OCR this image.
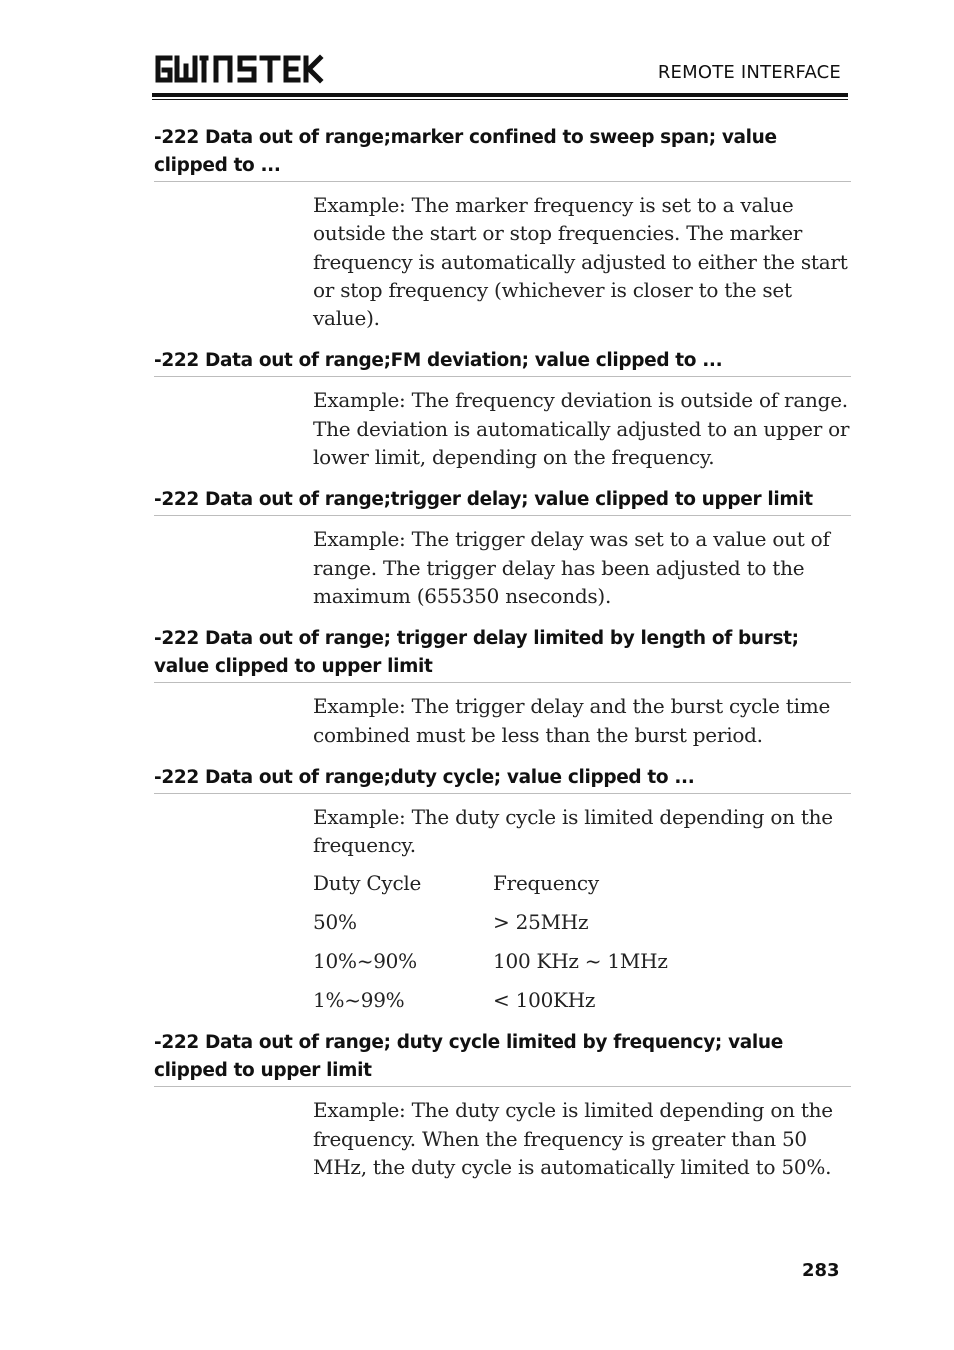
REMOTE INTERFACE
-222 Data out of range;marker confined to sweep span; value clipped to ...

Example: The marker frequency is set to a value outside the start or stop frequencies. The marker frequency is automatically adjusted to either the start or stop frequency (whichever is closer to the set value).

-222 Data out of range;FM deviation; value clipped to ...

Example: The frequency deviation is outside of range. The deviation is automatically adjusted to an upper or lower limit, depending on the frequency.

-222 Data out of range;trigger delay; value clipped to upper limit

Example: The trigger delay was set to a value out of range. The trigger delay has been adjusted to the maximum (655350 nseconds).

-222 Data out of range; trigger delay limited by length of burst; value clipped to upper limit

Example: The trigger delay and the burst cycle time combined must be less than the burst period.

-222 Data out of range;duty cycle; value clipped to ...

Example: The duty cycle is limited depending on the frequency.

Duty Cycle	Frequency
50%	> 25MHz
10%~90%	100 KHz ~ 1MHz
1%~99%	< 100KHz
-222 Data out of range; duty cycle limited by frequency; value clipped to upper limit

Example: The duty cycle is limited depending on the frequency. When the frequency is greater than 50 MHz, the duty cycle is automatically limited to 50%.

283
